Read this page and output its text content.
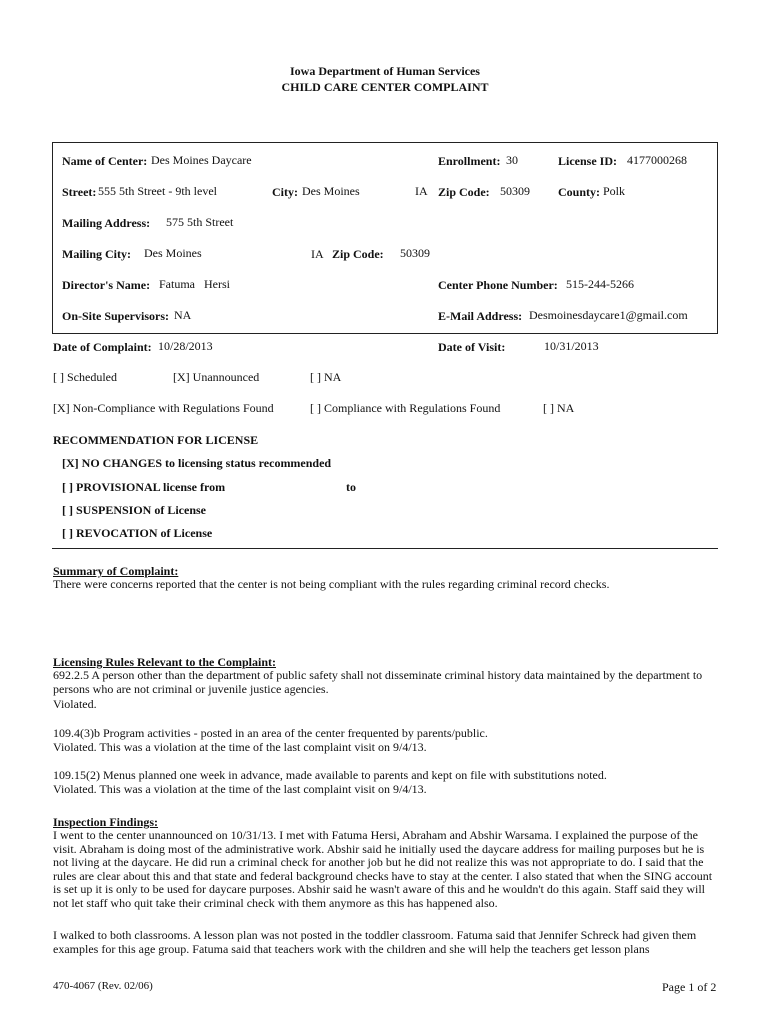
Iowa Department of Human Services
CHILD CARE CENTER COMPLAINT
Name of Center: Des Moines Daycare	Enrollment: 30	License ID: 4177000268
Street: 555 5th Street - 9th level	City: Des Moines	IA Zip Code: 50309 County: Polk
Mailing Address: 575 5th Street
Mailing City: Des Moines	IA Zip Code: 50309
Director's Name: Fatuma Hersi	Center Phone Number: 515-244-5266
On-Site Supervisors: NA	E-Mail Address: Desmoinesdaycare1@gmail.com
Date of Complaint: 10/28/2013	Date of Visit:	10/31/2013
[ ] Scheduled	[X] Unannounced	[ ] NA
[X] Non-Compliance with Regulations Found	[ ] Compliance with Regulations Found	[ ] NA
RECOMMENDATION FOR LICENSE
[X] NO CHANGES to licensing status recommended
[ ] PROVISIONAL license from	to
[ ] SUSPENSION of License
[ ] REVOCATION of License
Summary of Complaint:
There were concerns reported that the center is not being compliant with the rules regarding criminal record checks.
Licensing Rules Relevant to the Complaint:
692.2.5 A person other than the department of public safety shall not disseminate criminal history data maintained by the department to persons who are not criminal or juvenile justice agencies.
Violated.
109.4(3)b Program activities - posted in an area of the center frequented by parents/public.
Violated. This was a violation at the time of the last complaint visit on 9/4/13.
109.15(2) Menus planned one week in advance, made available to parents and kept on file with substitutions noted.
Violated. This was a violation at the time of the last complaint visit on 9/4/13.
Inspection Findings:
I went to the center unannounced on 10/31/13. I met with Fatuma Hersi, Abraham and Abshir Warsama. I explained the purpose of the visit. Abraham is doing most of the administrative work. Abshir said he initially used the daycare address for mailing purposes but he is not living at the daycare. He did run a criminal check for another job but he did not realize this was not appropriate to do. I said that the rules are clear about this and that state and federal background checks have to stay at the center. I also stated that when the SING account is set up it is only to be used for daycare purposes. Abshir said he wasn't aware of this and he wouldn't do this again. Staff said they will not let staff who quit take their criminal check with them anymore as this has happened also.
I walked to both classrooms. A lesson plan was not posted in the toddler classroom. Fatuma said that Jennifer Schreck had given them examples for this age group. Fatuma said that teachers work with the children and she will help the teachers get lesson plans
470-4067 (Rev. 02/06)	Page 1 of 2
